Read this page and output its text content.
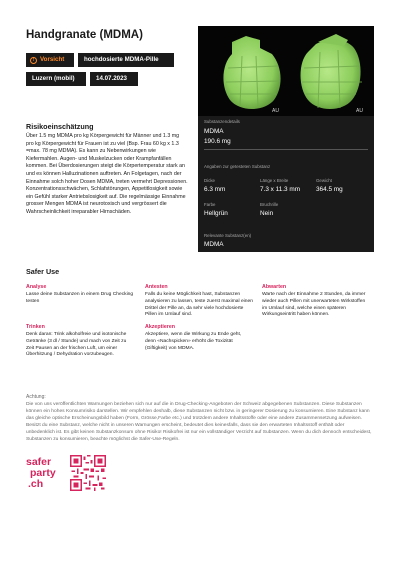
Handgranate (MDMA)
! Vorsicht	hochdosierte MDMA-Pille
Luzern (mobil)	14.07.2023
AU	AU
Risikoeinschätzung
Über 1.5 mg MDMA pro kg Körpergewicht für Männer und 1.3 mg pro kg Körpergewicht für Frauen ist zu viel (Bsp. Frau 60 kg x 1.3 =max. 78 mg MDMA). Es kann zu Nebenwirkungen wie Kiefermahlen. Augen- und Muskelzucken oder Krampfanfällen kommen. Bei Überdosierungen steigt die Körpertemperatur stark an und es können Halluzinationen auftreten. An Folgetagen, nach der Einnahme solch hoher Dosen MDMA, treten vermehrt Depressionen. Konzentrationsschwächen, Schlafstörungen, Appetitlosigkeit sowie ein Gefühl starker Antriebslosigkeit auf. Die regelmässige Einnahme grosser Mengen MDMA ist neurotoxisch und vergrössert die Wahrscheinlichkeit irreparabler Hirnschäden.
Substanzendetails
MDMA
190.6 mg
Angaben zur getesteten Substanz
Dicke
6.3 mm
Länge x Breite
7.3 x 11.3 mm
Gewicht
364.5 mg
Farbe
Hellgrün
Bruchrille
Nein
Relevante Substanz(en)
MDMA
Safer Use
Analyse
Lasse deine Substanzen in einem Drug Checking testen
Antesten
Falls du keine Möglichkeit hast, Substanzen analysieren zu lassen, teste zuerst maximal einen Drittel der Pille an, da sehr viele hochdosierte Pillen im Umlauf sind.
Abwarten
Warte nach der Einnahme 2 Stunden, da immer wieder auch Pillen mit unerwarteten Wirkstoffen im Umlauf sind, welche einen späteren Wirkungseintritt haben können.
Trinken
Denk daran: Trink alkoholfreie und isotonische Getränke (3 dl / Stunde) und mach von Zeit zu Zeit Pausen an der frischen Luft, um einer Überhitzung / Dehydration vorzubeugen.
Akzeptieren
Akzeptiere, wenn die Wirkung zu Ende geht, denn «Nachspicken» erhöht die Toxizität (Giftigkeit) von MDMA.
Achtung:
Die von uns veröffentlichten Warnungen beziehen sich nur auf die in Drug-Checking-Angeboten der Schweiz abgegebenen Substanzen. Diese Substanzen können ein hohes Konsumrisiko darstellen. Wir empfehlen deshalb, diese Substanzen nicht bzw. in geringerer Dosierung zu konsumieren. Eine Substanz kann das gleiche optische Erscheinungsbild haben (Form, Grösse,Farbe etc.) und trotzdem andere Inhaltsstoffe oder eine andere Zusammensetzung aufweisen. Besitzt du eine Substanz, welche nicht in unseren Warnungen erscheint, bedeutet dies keinesfalls, dass sie den erwarteten Inhaltsstoff enthält oder unbedenklich ist. Es gibt keinen Substanzkonsum ohne Risiko! Risikofrei ist nur ein vollständiger Verzicht auf Substanzen. Wenn du dich dennoch entscheidest, Substanzen zu konsumieren, beachte möglichst die Safer-Use-Regeln.
safer
party
.ch
